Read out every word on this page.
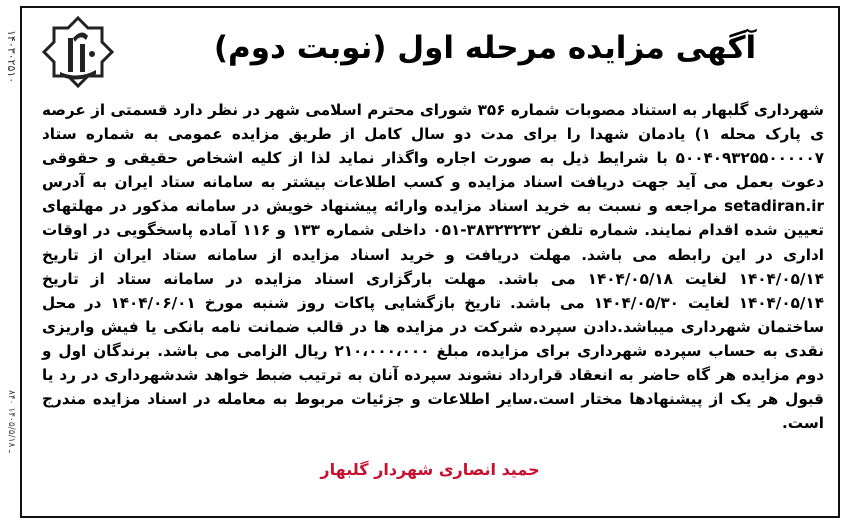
۱۴۰۳۰۲۵۱۰
۸۴۰ ـ ۱۴۰۵/۵/۱۸
آگهی مزایده مرحله اول (نوبت دوم)
شهرداری گلبهار به استناد مصوبات شماره ۳۵۶ شورای محترم اسلامی شهر در نظر دارد قسمتی از عرصه ی پارک محله ۱) یادمان شهدا را برای مدت دو سال کامل از طریق مزایده عمومی به شماره ستاد ۵۰۰۴۰۹۳۲۵۵۰۰۰۰۰۷ با شرایط ذیل به صورت اجاره واگذار نماید لذا از کلیه اشخاص حقیقی و حقوقی دعوت بعمل می آید جهت دریافت اسناد مزایده و کسب اطلاعات بیشتر به سامانه ستاد ایران به آدرس setadiran.ir مراجعه و نسبت به خرید اسناد مزایده وارائه پیشنهاد خویش در سامانه مذکور در مهلتهای تعیین شده اقدام نمایند. شماره تلفن ۳۸۳۲۳۲۳۲-۰۵۱ داخلی شماره ۱۳۳ و ۱۱۶ آماده پاسخگویی در اوقات اداری در این رابطه می باشد. مهلت دریافت و خرید اسناد مزایده از سامانه ستاد ایران از تاریخ ۱۴۰۴/۰۵/۱۴ لغایت ۱۴۰۴/۰۵/۱۸ می باشد. مهلت بارگزاری اسناد مزایده در سامانه ستاد از تاریخ ۱۴۰۴/۰۵/۱۴ لغایت ۱۴۰۴/۰۵/۳۰ می باشد. تاریخ بازگشایی پاکات روز شنبه مورخ ۱۴۰۴/۰۶/۰۱ در محل ساختمان شهرداری میباشد.دادن سپرده شرکت در مزایده ها در قالب ضمانت نامه بانکی یا فیش واریزی نقدی به حساب سپرده شهرداری برای مزایده، مبلغ ۲۱۰،۰۰۰،۰۰۰ ریال الزامی می باشد. برندگان اول و دوم مزایده هر گاه حاضر به انعقاد قرارداد نشوند سپرده آنان به ترتیب ضبط خواهد شدشهرداری در رد یا قبول هر یک از پیشنهادها مختار است.سایر اطلاعات و جزئیات مربوط به معامله در اسناد مزایده مندرج است.
حمید انصاری شهردار گلبهار
